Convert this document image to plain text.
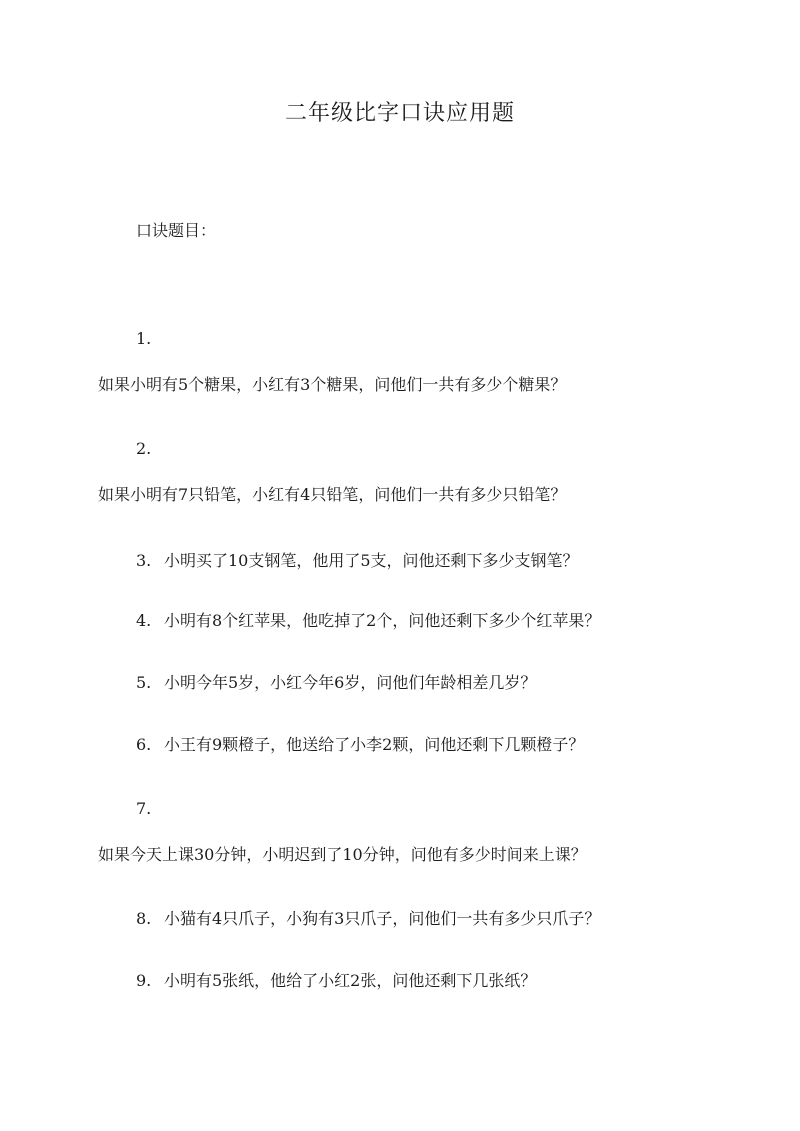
二年级比字口诀应用题
口诀题目：
1.
如果小明有5个糖果，小红有3个糖果，问他们一共有多少个糖果？
2.
如果小明有7只铅笔，小红有4只铅笔，问他们一共有多少只铅笔？
3. 小明买了10支钢笔，他用了5支，问他还剩下多少支钢笔？
4. 小明有8个红苹果，他吃掉了2个，问他还剩下多少个红苹果？
5. 小明今年5岁，小红今年6岁，问他们年龄相差几岁？
6. 小王有9颗橙子，他送给了小李2颗，问他还剩下几颗橙子？
7.
如果今天上课30分钟，小明迟到了10分钟，问他有多少时间来上课？
8. 小猫有4只爪子，小狗有3只爪子，问他们一共有多少只爪子？
9. 小明有5张纸，他给了小红2张，问他还剩下几张纸？
